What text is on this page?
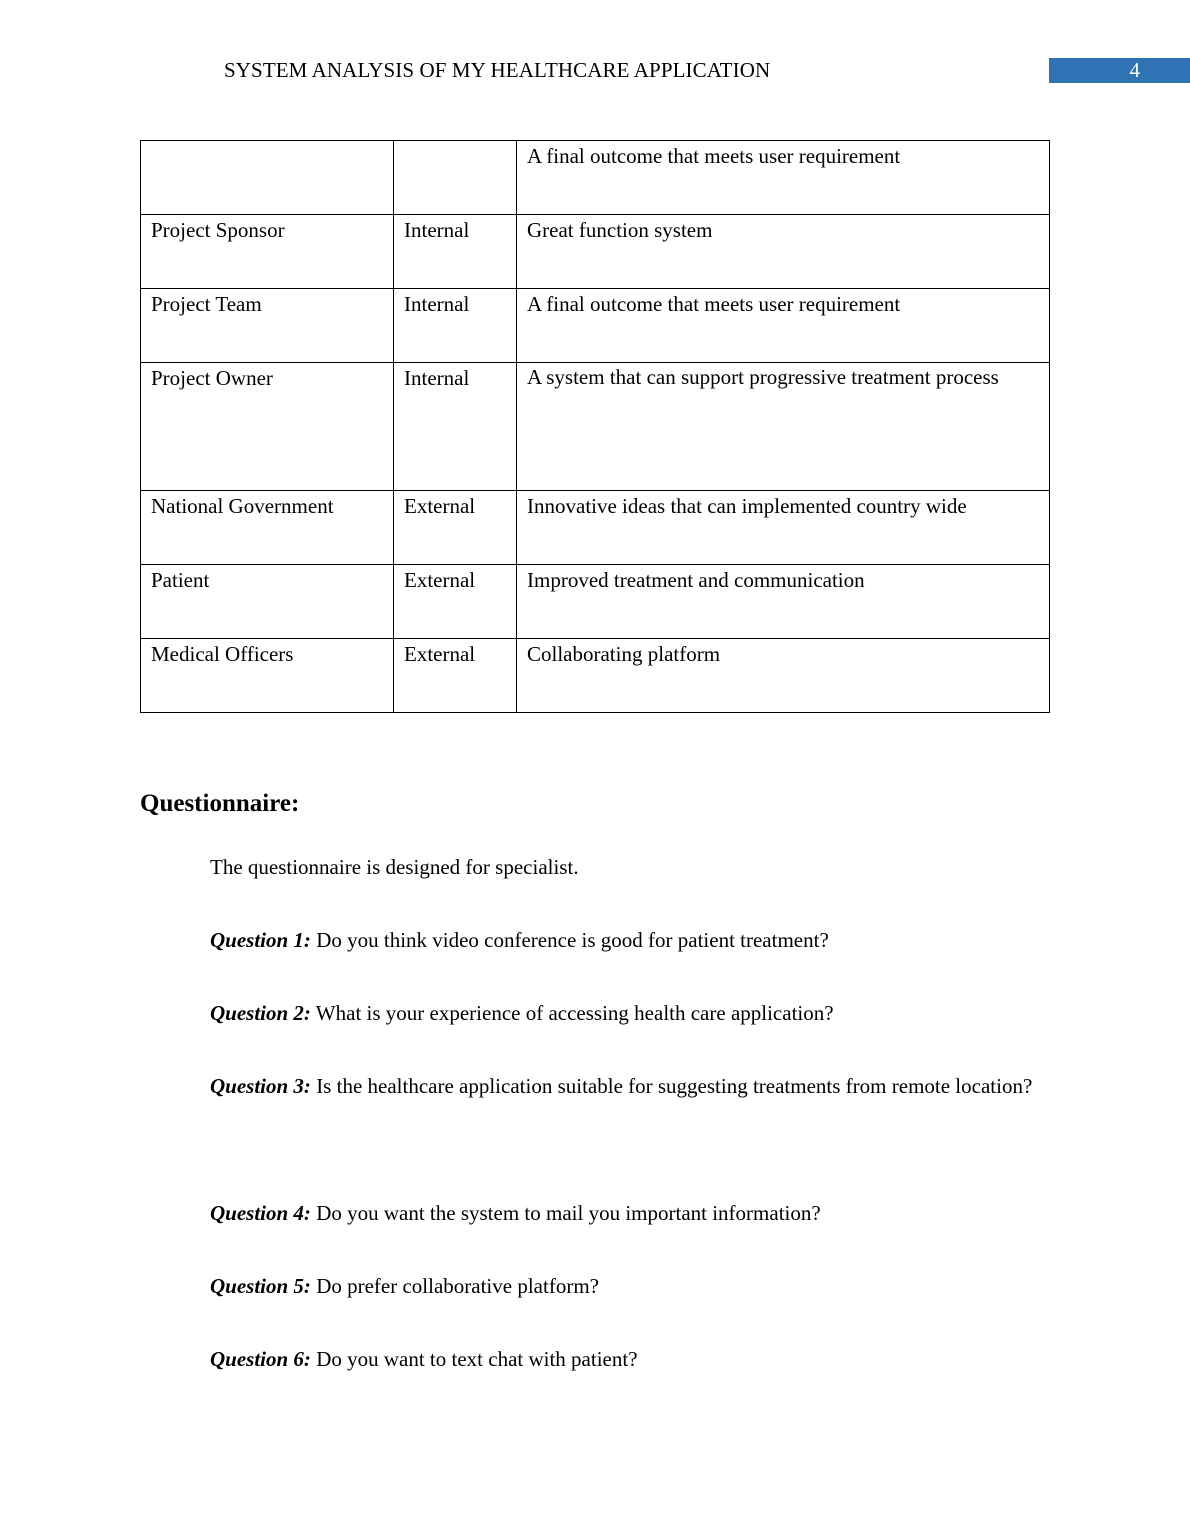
SYSTEM ANALYSIS OF MY HEALTHCARE APPLICATION	4

		A final outcome that meets user requirement

Project Sponsor	Internal	Great function system

Project Team	Internal	A final outcome that meets user requirement

Project Owner	Internal	A system that can support progressive treatment process

National Government	External	Innovative ideas that can implemented country wide

Patient	External	Improved treatment and communication

Medical Officers	External	Collaborating platform
Questionnaire:
The questionnaire is designed for specialist.
Question 1: Do you think video conference is good for patient treatment?
Question 2: What is your experience of accessing health care application?
Question 3: Is the healthcare application suitable for suggesting treatments from remote location?
Question 4: Do you want the system to mail you important information?
Question 5: Do prefer collaborative platform?
Question 6: Do you want to text chat with patient?
